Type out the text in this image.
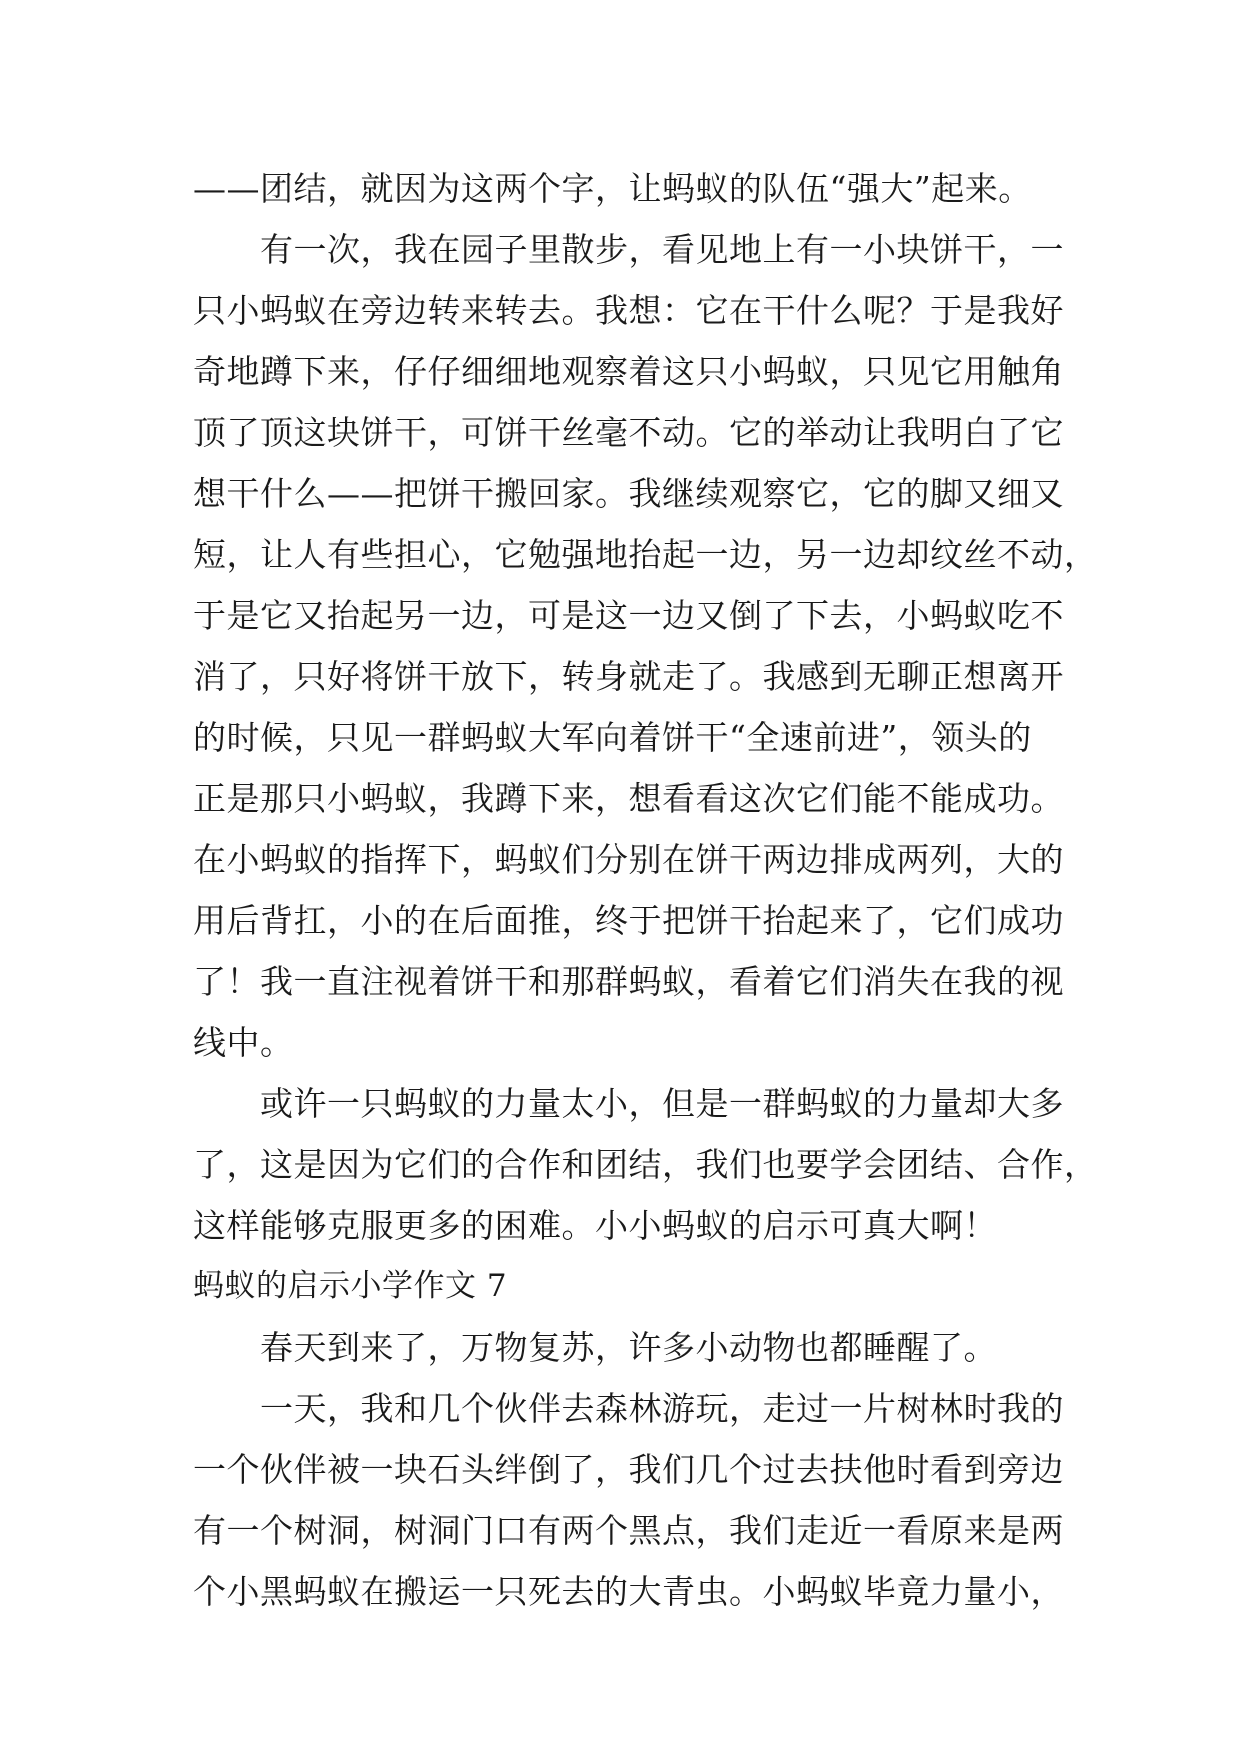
——团结，就因为这两个字，让蚂蚁的队伍“强大”起来。
有一次，我在园子里散步，看见地上有一小块饼干，一
只小蚂蚁在旁边转来转去。我想：它在干什么呢？于是我好
奇地蹲下来，仔仔细细地观察着这只小蚂蚁，只见它用触角
顶了顶这块饼干，可饼干丝毫不动。它的举动让我明白了它
想干什么——把饼干搬回家。我继续观察它，它的脚又细又
短，让人有些担心，它勉强地抬起一边，另一边却纹丝不动，
于是它又抬起另一边，可是这一边又倒了下去，小蚂蚁吃不
消了，只好将饼干放下，转身就走了。我感到无聊正想离开
的时候，只见一群蚂蚁大军向着饼干“全速前进”，领头的
正是那只小蚂蚁，我蹲下来，想看看这次它们能不能成功。
在小蚂蚁的指挥下，蚂蚁们分别在饼干两边排成两列，大的
用后背扛，小的在后面推，终于把饼干抬起来了，它们成功
了！我一直注视着饼干和那群蚂蚁，看着它们消失在我的视
线中。
或许一只蚂蚁的力量太小，但是一群蚂蚁的力量却大多
了，这是因为它们的合作和团结，我们也要学会团结、合作，
这样能够克服更多的困难。小小蚂蚁的启示可真大啊！
蚂蚁的启示小学作文 7
春天到来了，万物复苏，许多小动物也都睡醒了。
一天，我和几个伙伴去森林游玩，走过一片树林时我的
一个伙伴被一块石头绊倒了，我们几个过去扶他时看到旁边
有一个树洞，树洞门口有两个黑点，我们走近一看原来是两
个小黑蚂蚁在搬运一只死去的大青虫。小蚂蚁毕竟力量小，
